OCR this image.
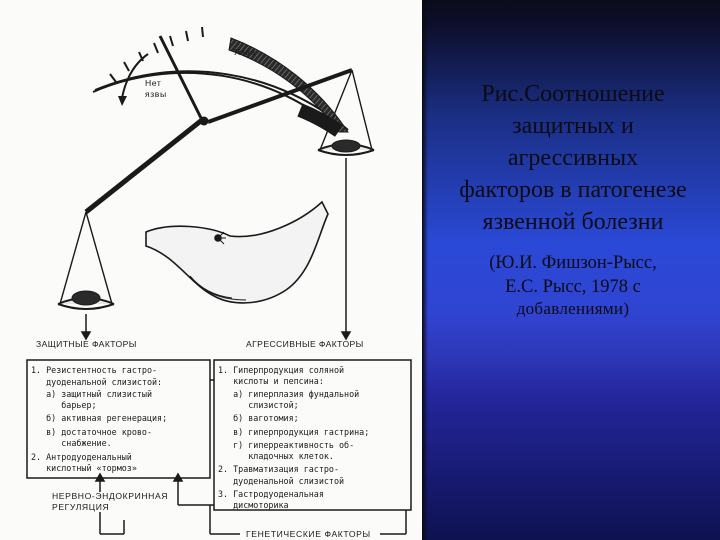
Язва
Нет
язвы
ЗАЩИТНЫЕ ФАКТОРЫ	АГРЕССИВНЫЕ ФАКТОРЫ
1. Резистентность гастро-
дуоденальной слизистой:
а) защитный слизистый
барьер;
б) активная регенерация;
в) достаточное крово-
снабжение.
2. Антродуоденальный
кислотный «тормоз»
1. Гиперпродукция соляной
кислоты и пепсина:
а) гиперплазия фундальной
слизистой;
б) ваготомия;
в) гиперпродукция гастрина;
г) гиперреактивность об-
кладочных клеток.
2. Травматизация гастро-
дуоденальной слизистой
3. Гастродуоденальная
дисмоторика
НЕРВНО-ЭНДОКРИННАЯ
РЕГУЛЯЦИЯ
ГЕНЕТИЧЕСКИЕ ФАКТОРЫ
Рис.Соотношение
защитных и
агрессивных
факторов в патогенезе
язвенной болезни
(Ю.И. Фишзон-Рысс,
Е.С. Рысс, 1978 с
добавлениями)
